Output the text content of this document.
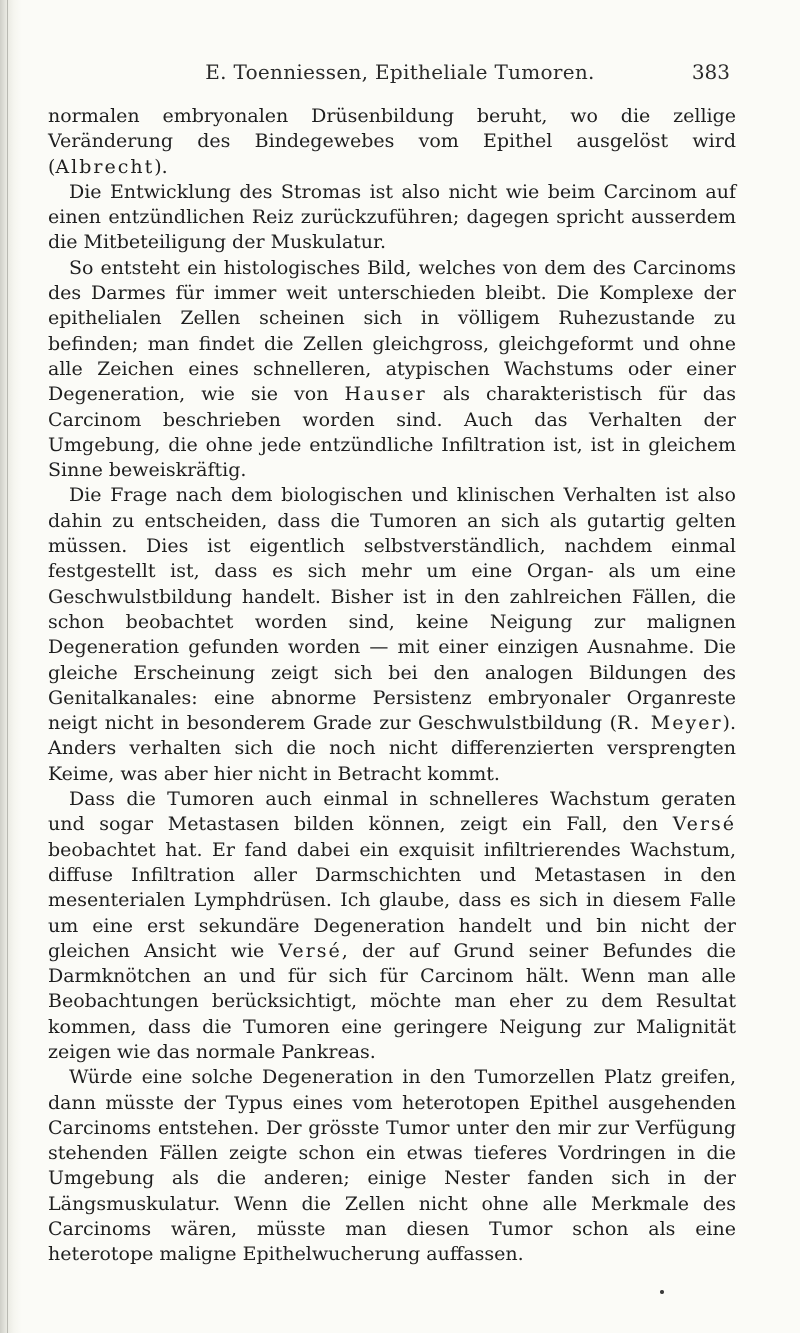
E. Toenniessen, Epitheliale Tumoren.	383

normalen embryonalen Drüsenbildung beruht, wo die zellige Veränderung des Bindegewebes vom Epithel ausgelöst wird (Albrecht).

Die Entwicklung des Stromas ist also nicht wie beim Carcinom auf einen entzündlichen Reiz zurückzuführen; dagegen spricht ausserdem die Mitbeteiligung der Muskulatur.

So entsteht ein histologisches Bild, welches von dem des Carcinoms des Darmes für immer weit unterschieden bleibt. Die Komplexe der epithelialen Zellen scheinen sich in völligem Ruhezustande zu befinden; man findet die Zellen gleichgross, gleichgeformt und ohne alle Zeichen eines schnelleren, atypischen Wachstums oder einer Degeneration, wie sie von Hauser als charakteristisch für das Carcinom beschrieben worden sind. Auch das Verhalten der Umgebung, die ohne jede entzündliche Infiltration ist, ist in gleichem Sinne beweiskräftig.

Die Frage nach dem biologischen und klinischen Verhalten ist also dahin zu entscheiden, dass die Tumoren an sich als gutartig gelten müssen. Dies ist eigentlich selbstverständlich, nachdem einmal festgestellt ist, dass es sich mehr um eine Organ- als um eine Geschwulstbildung handelt. Bisher ist in den zahlreichen Fällen, die schon beobachtet worden sind, keine Neigung zur malignen Degeneration gefunden worden — mit einer einzigen Ausnahme. Die gleiche Erscheinung zeigt sich bei den analogen Bildungen des Genitalkanales: eine abnorme Persistenz embryonaler Organreste neigt nicht in besonderem Grade zur Geschwulstbildung (R. Meyer). Anders verhalten sich die noch nicht differenzierten versprengten Keime, was aber hier nicht in Betracht kommt.

Dass die Tumoren auch einmal in schnelleres Wachstum geraten und sogar Metastasen bilden können, zeigt ein Fall, den Versé beobachtet hat. Er fand dabei ein exquisit infiltrierendes Wachstum, diffuse Infiltration aller Darmschichten und Metastasen in den mesenterialen Lymphdrüsen. Ich glaube, dass es sich in diesem Falle um eine erst sekundäre Degeneration handelt und bin nicht der gleichen Ansicht wie Versé, der auf Grund seiner Befundes die Darmknötchen an und für sich für Carcinom hält. Wenn man alle Beobachtungen berücksichtigt, möchte man eher zu dem Resultat kommen, dass die Tumoren eine geringere Neigung zur Malignität zeigen wie das normale Pankreas.

Würde eine solche Degeneration in den Tumorzellen Platz greifen, dann müsste der Typus eines vom heterotopen Epithel ausgehenden Carcinoms entstehen. Der grösste Tumor unter den mir zur Verfügung stehenden Fällen zeigte schon ein etwas tieferes Vordringen in die Umgebung als die anderen; einige Nester fanden sich in der Längsmuskulatur. Wenn die Zellen nicht ohne alle Merkmale des Carcinoms wären, müsste man diesen Tumor schon als eine heterotope maligne Epithelwucherung auffassen.
